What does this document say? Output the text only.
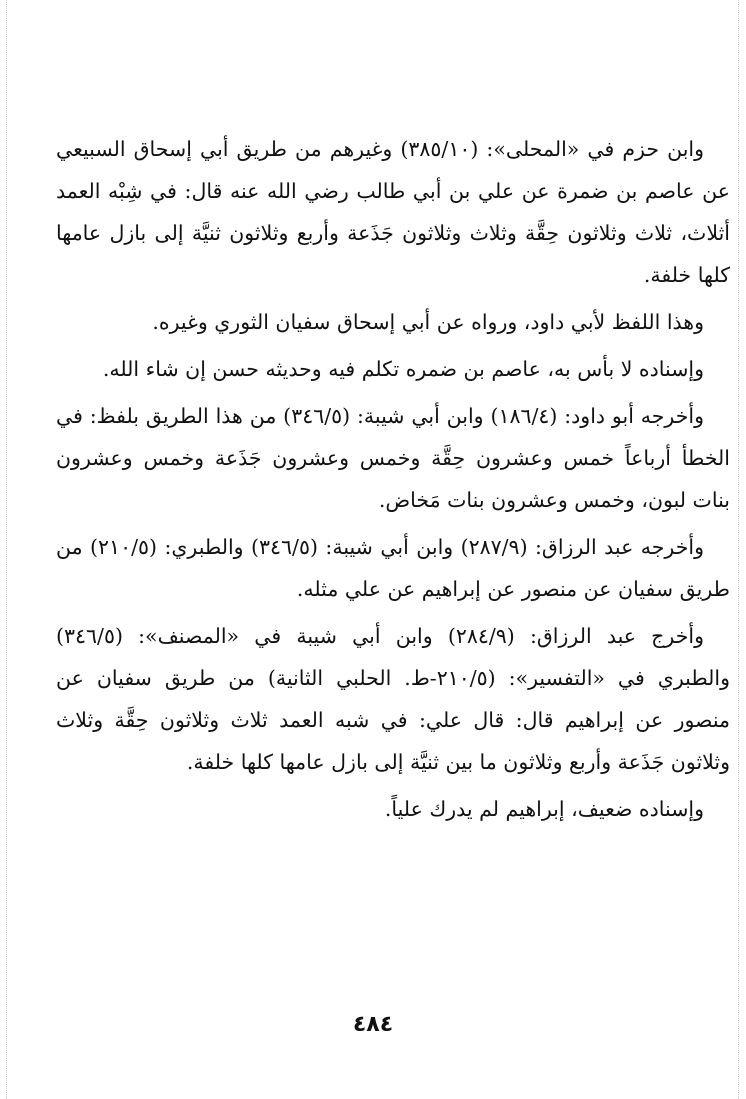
وابن حزم في «المحلى»: (٣٨٥/١٠) وغيرهم من طريق أبي إسحاق السبيعي عن عاصم بن ضمرة عن علي بن أبي طالب رضي الله عنه قال: في شِبْه العمد أثلاث، ثلاث وثلاثون حِقَّة وثلاث وثلاثون جَذَعة وأربع وثلاثون ثنيَّة إلى بازل عامها كلها خلفة.

وهذا اللفظ لأبي داود، ورواه عن أبي إسحاق سفيان الثوري وغيره.

وإسناده لا بأس به، عاصم بن ضمره تكلم فيه وحديثه حسن إن شاء الله.

وأخرجه أبو داود: (١٨٦/٤) وابن أبي شيبة: (٣٤٦/٥) من هذا الطريق بلفظ: في الخطأ أرباعاً خمس وعشرون حِقَّة وخمس وعشرون جَذَعة وخمس وعشرون بنات لبون، وخمس وعشرون بنات مَخاض.

وأخرجه عبد الرزاق: (٢٨٧/٩) وابن أبي شيبة: (٣٤٦/٥) والطبري: (٢١٠/٥) من طريق سفيان عن منصور عن إبراهيم عن علي مثله.

وأخرج عبد الرزاق: (٢٨٤/٩) وابن أبي شيبة في «المصنف»: (٣٤٦/٥) والطبري في «التفسير»: (٢١٠/٥-ط. الحلبي الثانية) من طريق سفيان عن منصور عن إبراهيم قال: قال علي: في شبه العمد ثلاث وثلاثون حِقَّة وثلاث وثلاثون جَذَعة وأربع وثلاثون ما بين ثنيَّة إلى بازل عامها كلها خلفة.

وإسناده ضعيف، إبراهيم لم يدرك علياً.

٤٨٤
